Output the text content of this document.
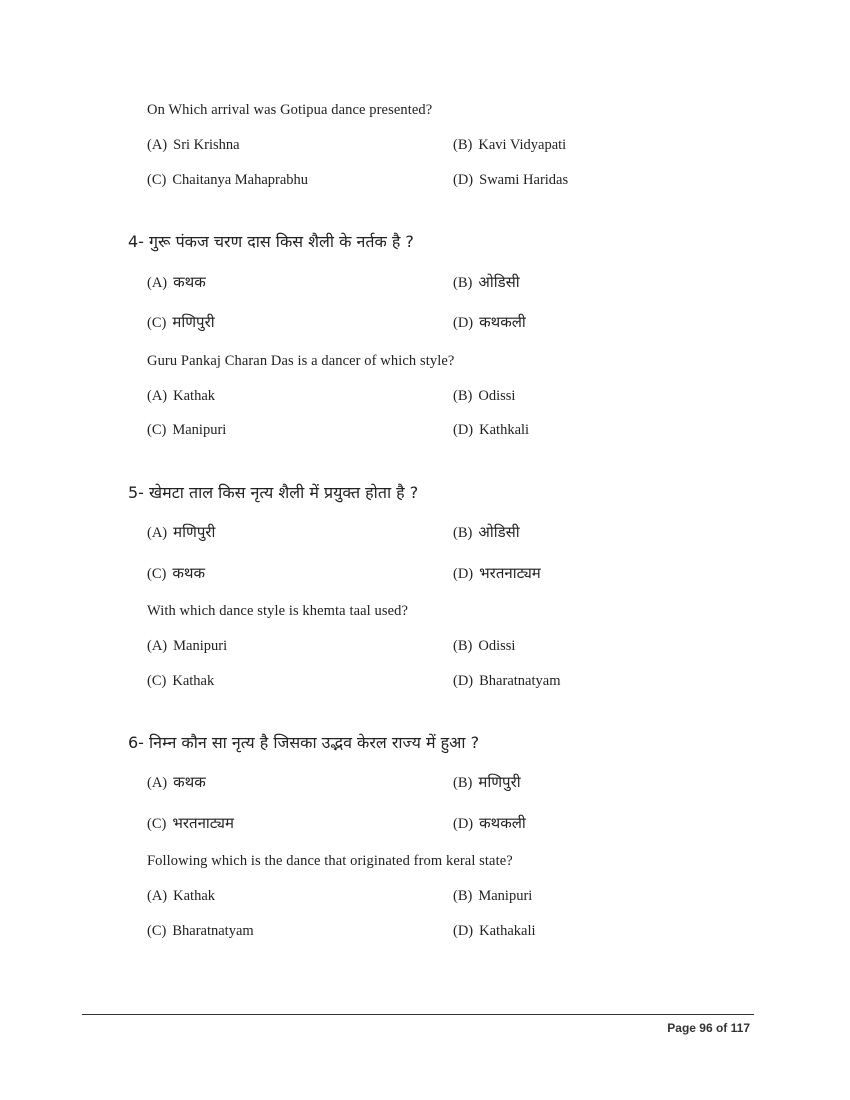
On Which arrival was Gotipua dance presented?
(A) Sri Krishna	(B) Kavi Vidyapati
(C) Chaitanya Mahaprabhu	(D) Swami Haridas
4- गुरू पंकज चरण दास किस शैली के नर्तक है ?
(A) कथक	(B) ओडिसी
(C) मणिपुरी	(D) कथकली
Guru Pankaj Charan Das is a dancer of which style?
(A) Kathak	(B) Odissi
(C) Manipuri	(D) Kathkali
5- खेमटा ताल किस नृत्य शैली में प्रयुक्त होता है ?
(A) मणिपुरी	(B) ओडिसी
(C) कथक	(D) भरतनाट्यम
With which dance style is khemta taal used?
(A) Manipuri	(B) Odissi
(C) Kathak	(D) Bharatnatyam
6- निम्न कौन सा नृत्य है जिसका उद्भव केरल राज्य में हुआ ?
(A) कथक	(B) मणिपुरी
(C) भरतनाट्यम	(D) कथकली
Following which is the dance that originated from keral state?
(A) Kathak	(B) Manipuri
(C) Bharatnatyam	(D) Kathakali
Page 96 of 117
